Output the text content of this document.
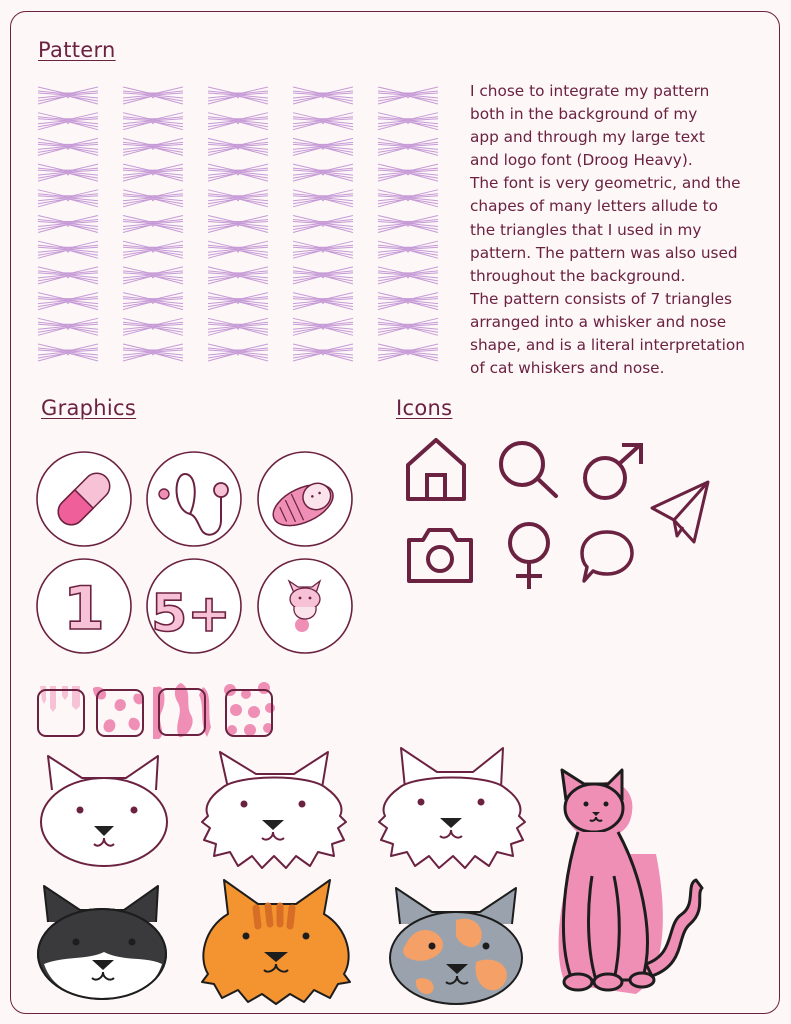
Pattern
Graphics	Icons

I chose to integrate my pattern
both in the background of my
app and through my large text
and logo font (Droog Heavy).

The font is very geometric, and the
chapes of many letters allude to
the triangles that I used in my
pattern. The pattern was also used
throughout the background.

The pattern consists of 7 triangles
arranged into a whisker and nose
shape, and is a literal interpretation
of cat whiskers and nose.

1 5+
